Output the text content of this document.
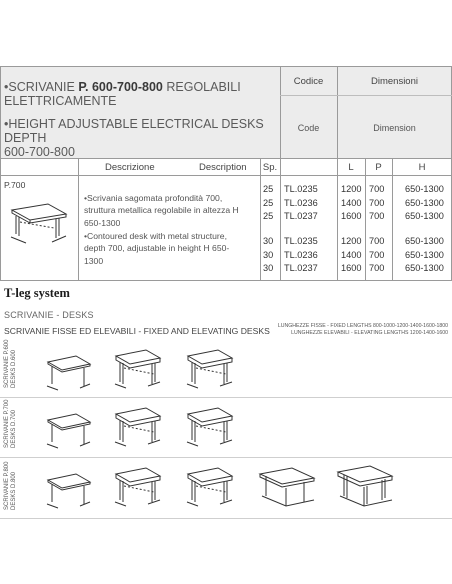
•SCRIVANIE P. 600-700-800 REGOLABILI
ELETTRICAMENTE
•HEIGHT ADJUSTABLE ELECTRICAL DESKS DEPTH
600-700-800
Codice	Dimensioni
Code	Dimension
Descrizione	Description	Sp.	L	P	H
P.700
•Scrivania sagomata profondità 700,
struttura metallica regolabile in altezza H
650-1300
•Contoured desk with metal structure,
depth 700, adjustable in height H 650-
1300
25 TL.0235	1200 700 650-1300
25 TL.0236	1400 700 650-1300
25 TL.0237	1600 700 650-1300
30 TL.0235	1200 700 650-1300
30 TL.0236	1400 700 650-1300
30 TL.0237	1600 700 650-1300
T-leg system
SCRIVANIE - DESKS
SCRIVANIE FISSE ED ELEVABILI - FIXED AND ELEVATING DESKS	LUNGHEZZE FISSE - FIXED LENGTHS 800-1000-1200-1400-1600-1800
LUNGHEZZE ELEVABILI - ELEVATING LENGTHS 1200-1400-1600
SCRIVANIE P.600 DESKS D.600
SCRIVANIE P.700 DESKS D.700
SCRIVANIE P.800 DESKS D.800
